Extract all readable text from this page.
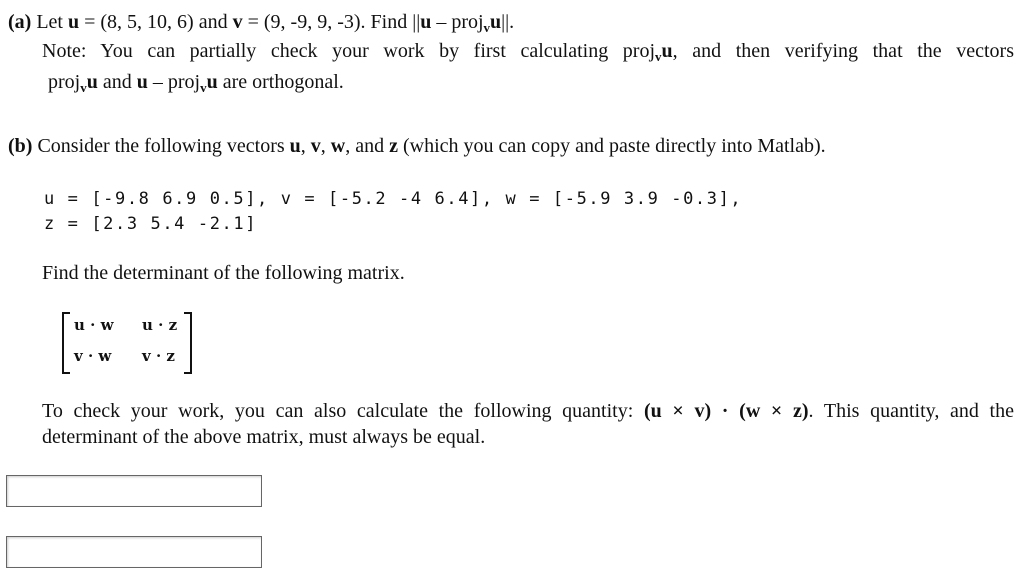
(a) Let u = (8, 5, 10, 6) and v = (9, -9, 9, -3). Find ||u – proj$_v$u||.
Note: You can partially check your work by first calculating proj$_v$u, and then verifying that the vectors
proj$_v$u and u – proj$_v$u are orthogonal.
(b) Consider the following vectors u, v, w, and z (which you can copy and paste directly into Matlab).
u = [-9.8 6.9 0.5], v = [-5.2 -4 6.4], w = [-5.9 3.9 -0.3],
z = [2.3 5.4 -2.1]
Find the determinant of the following matrix.
u · w u · z
v · w v · z
To check your work, you can also calculate the following quantity: (u × v) · (w × z). This quantity, and the
determinant of the above matrix, must always be equal.
